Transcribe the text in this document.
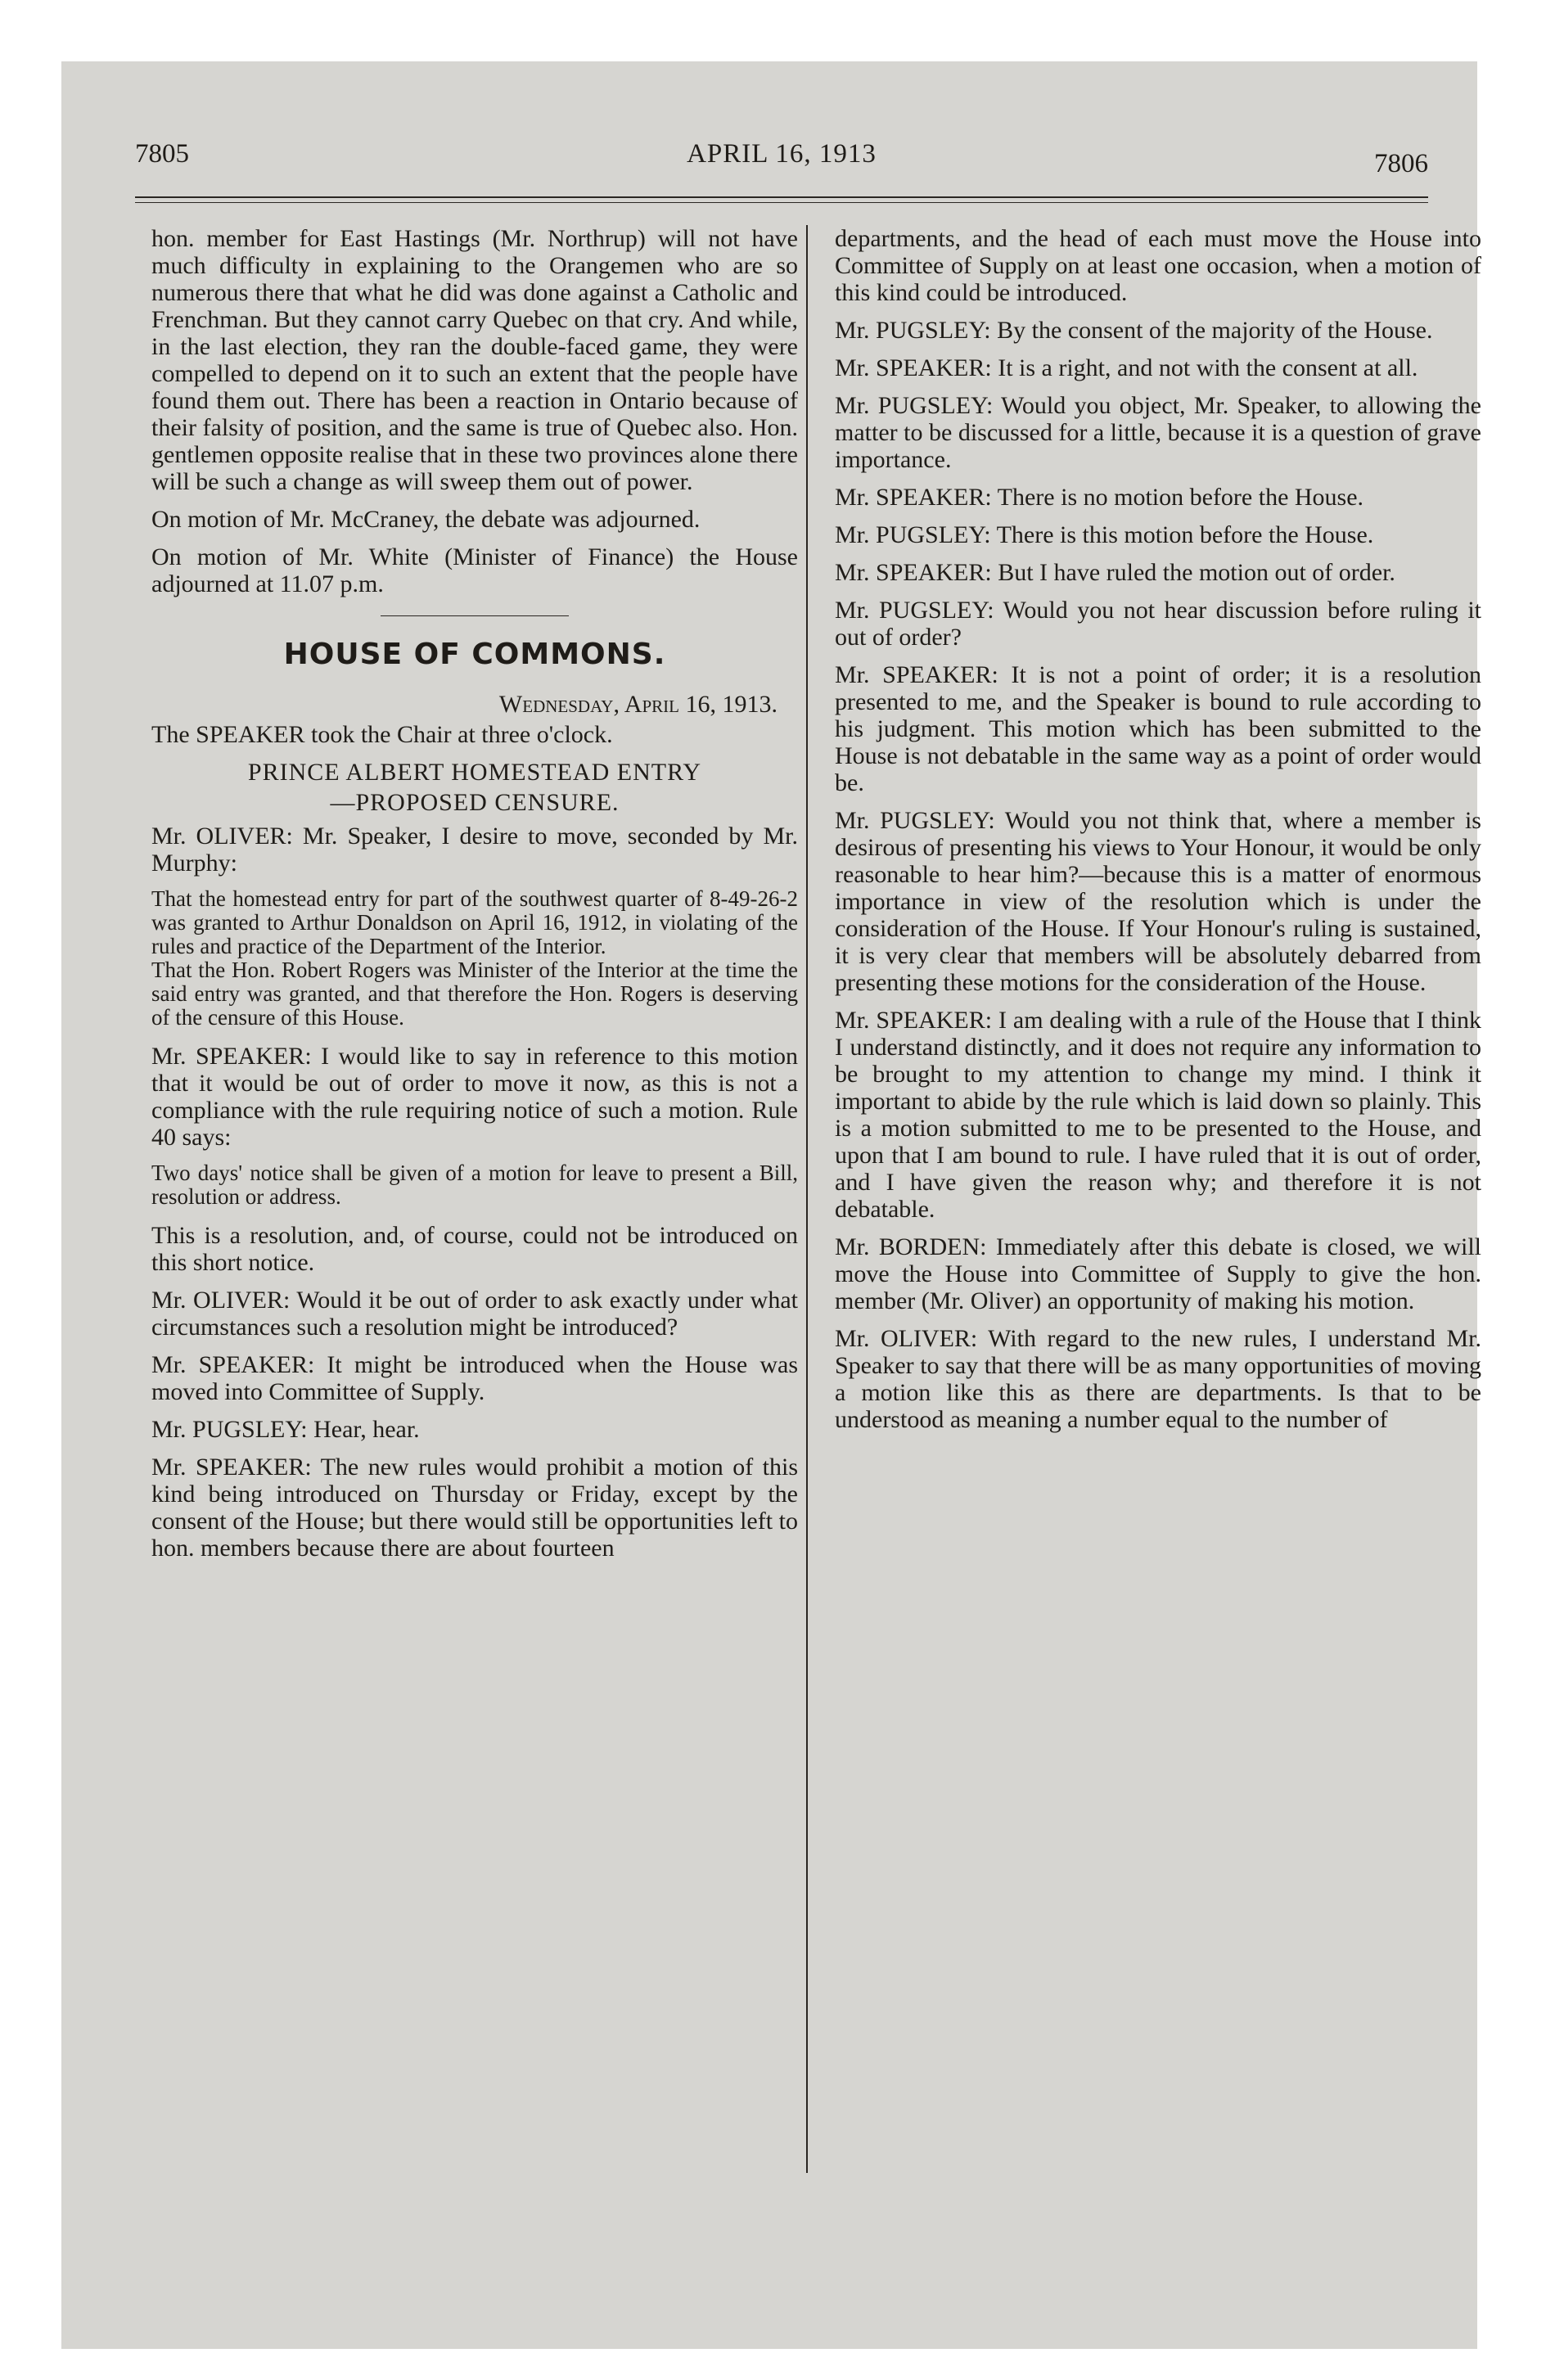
7805	APRIL 16, 1913	7806

hon. member for East Hastings (Mr. Northrup) will not have much difficulty in explaining to the Orangemen who are so numerous there that what he did was done against a Catholic and Frenchman. But they cannot carry Quebec on that cry. And while, in the last election, they ran the double-faced game, they were compelled to depend on it to such an extent that the people have found them out. There has been a reaction in Ontario because of their falsity of position, and the same is true of Quebec also. Hon. gentlemen opposite realise that in these two provinces alone there will be such a change as will sweep them out of power.

On motion of Mr. McCraney, the debate was adjourned.

On motion of Mr. White (Minister of Finance) the House adjourned at 11.07 p.m.

HOUSE OF COMMONS.

Wednesday, April 16, 1913.

The SPEAKER took the Chair at three o'clock.

PRINCE ALBERT HOMESTEAD ENTRY

—PROPOSED CENSURE.

Mr. OLIVER: Mr. Speaker, I desire to move, seconded by Mr. Murphy:

That the homestead entry for part of the southwest quarter of 8-49-26-2 was granted to Arthur Donaldson on April 16, 1912, in violating of the rules and practice of the Department of the Interior.

That the Hon. Robert Rogers was Minister of the Interior at the time the said entry was granted, and that therefore the Hon. Rogers is deserving of the censure of this House.

Mr. SPEAKER: I would like to say in reference to this motion that it would be out of order to move it now, as this is not a compliance with the rule requiring notice of such a motion. Rule 40 says:

Two days' notice shall be given of a motion for leave to present a Bill, resolution or address.

This is a resolution, and, of course, could not be introduced on this short notice.

Mr. OLIVER: Would it be out of order to ask exactly under what circumstances such a resolution might be introduced?

Mr. SPEAKER: It might be introduced when the House was moved into Committee of Supply.

Mr. PUGSLEY: Hear, hear.

Mr. SPEAKER: The new rules would prohibit a motion of this kind being introduced on Thursday or Friday, except by the consent of the House; but there would still be opportunities left to hon. members because there are about fourteen

departments, and the head of each must move the House into Committee of Supply on at least one occasion, when a motion of this kind could be introduced.

Mr. PUGSLEY: By the consent of the majority of the House.

Mr. SPEAKER: It is a right, and not with the consent at all.

Mr. PUGSLEY: Would you object, Mr. Speaker, to allowing the matter to be discussed for a little, because it is a question of grave importance.

Mr. SPEAKER: There is no motion before the House.

Mr. PUGSLEY: There is this motion before the House.

Mr. SPEAKER: But I have ruled the motion out of order.

Mr. PUGSLEY: Would you not hear discussion before ruling it out of order?

Mr. SPEAKER: It is not a point of order; it is a resolution presented to me, and the Speaker is bound to rule according to his judgment. This motion which has been submitted to the House is not debatable in the same way as a point of order would be.

Mr. PUGSLEY: Would you not think that, where a member is desirous of presenting his views to Your Honour, it would be only reasonable to hear him?—because this is a matter of enormous importance in view of the resolution which is under the consideration of the House. If Your Honour's ruling is sustained, it is very clear that members will be absolutely debarred from presenting these motions for the consideration of the House.

Mr. SPEAKER: I am dealing with a rule of the House that I think I understand distinctly, and it does not require any information to be brought to my attention to change my mind. I think it important to abide by the rule which is laid down so plainly. This is a motion submitted to me to be presented to the House, and upon that I am bound to rule. I have ruled that it is out of order, and I have given the reason why; and therefore it is not debatable.

Mr. BORDEN: Immediately after this debate is closed, we will move the House into Committee of Supply to give the hon. member (Mr. Oliver) an opportunity of making his motion.

Mr. OLIVER: With regard to the new rules, I understand Mr. Speaker to say that there will be as many opportunities of moving a motion like this as there are departments. Is that to be understood as meaning a number equal to the number of
